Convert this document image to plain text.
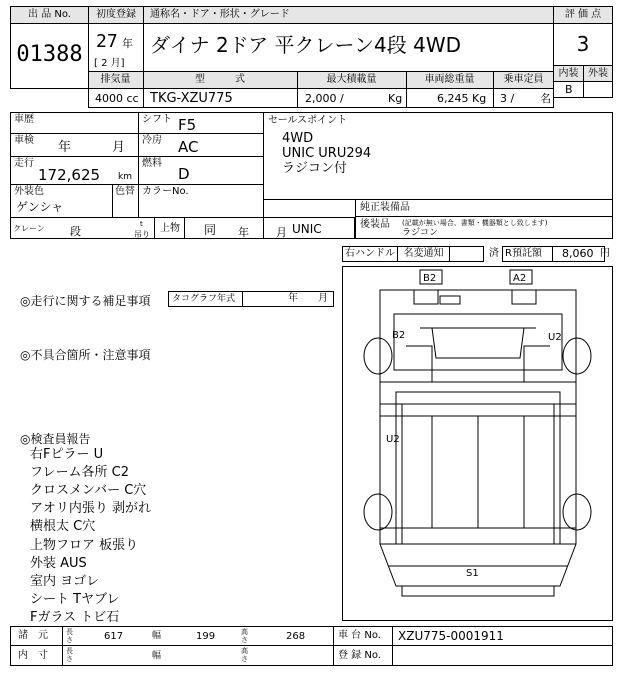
出 品 No.
01388
初度登録
27 年
[ 2 月]
通称名・ドア・形状・グレード
ダイナ 2ドア 平クレーン4段 4WD
評 価 点
3
内装 外装
B
排気量	型　　　式	最大積載量	車両総重量	乗車定員
4000 cc TKG-XZU775	2,000 /	Kg	6,245 Kg 3 / 名
車歴	シフト F5
車検 年	月 冷房 AC
走行
172,625 km
燃料
D
外装色
ゲンシャ
色替 カラーNo.
クレーン 段
t
吊り
上物 同 年 月 UNIC
セールスポイント
4WD
UNIC URU294
ラジコン付
純正装備品
後装品 (記載が無い場合、書類・機器類とし致します)
ラジコン
右ハンドル 名変通知	済 R預託額 8,060 円
◎走行に関する補足事項 タコグラフ年式	年 月
◎不具合箇所・注意事項
◎検査員報告
右Fピラー U
フレーム各所 C2
クロスメンバー C穴
アオリ内張り 剥がれ
横根太 C穴
上物フロア 板張り
外装 AUS
室内 ヨゴレ
シート Tヤブレ
Fガラス トビ石
B2	A2
B2	U2
U2
S1
諸　元	長さ	617	幅	199	高さ	268	車 台 No. XZU775-0001911
内　寸	長さ	幅	高さ	登 録 No.
